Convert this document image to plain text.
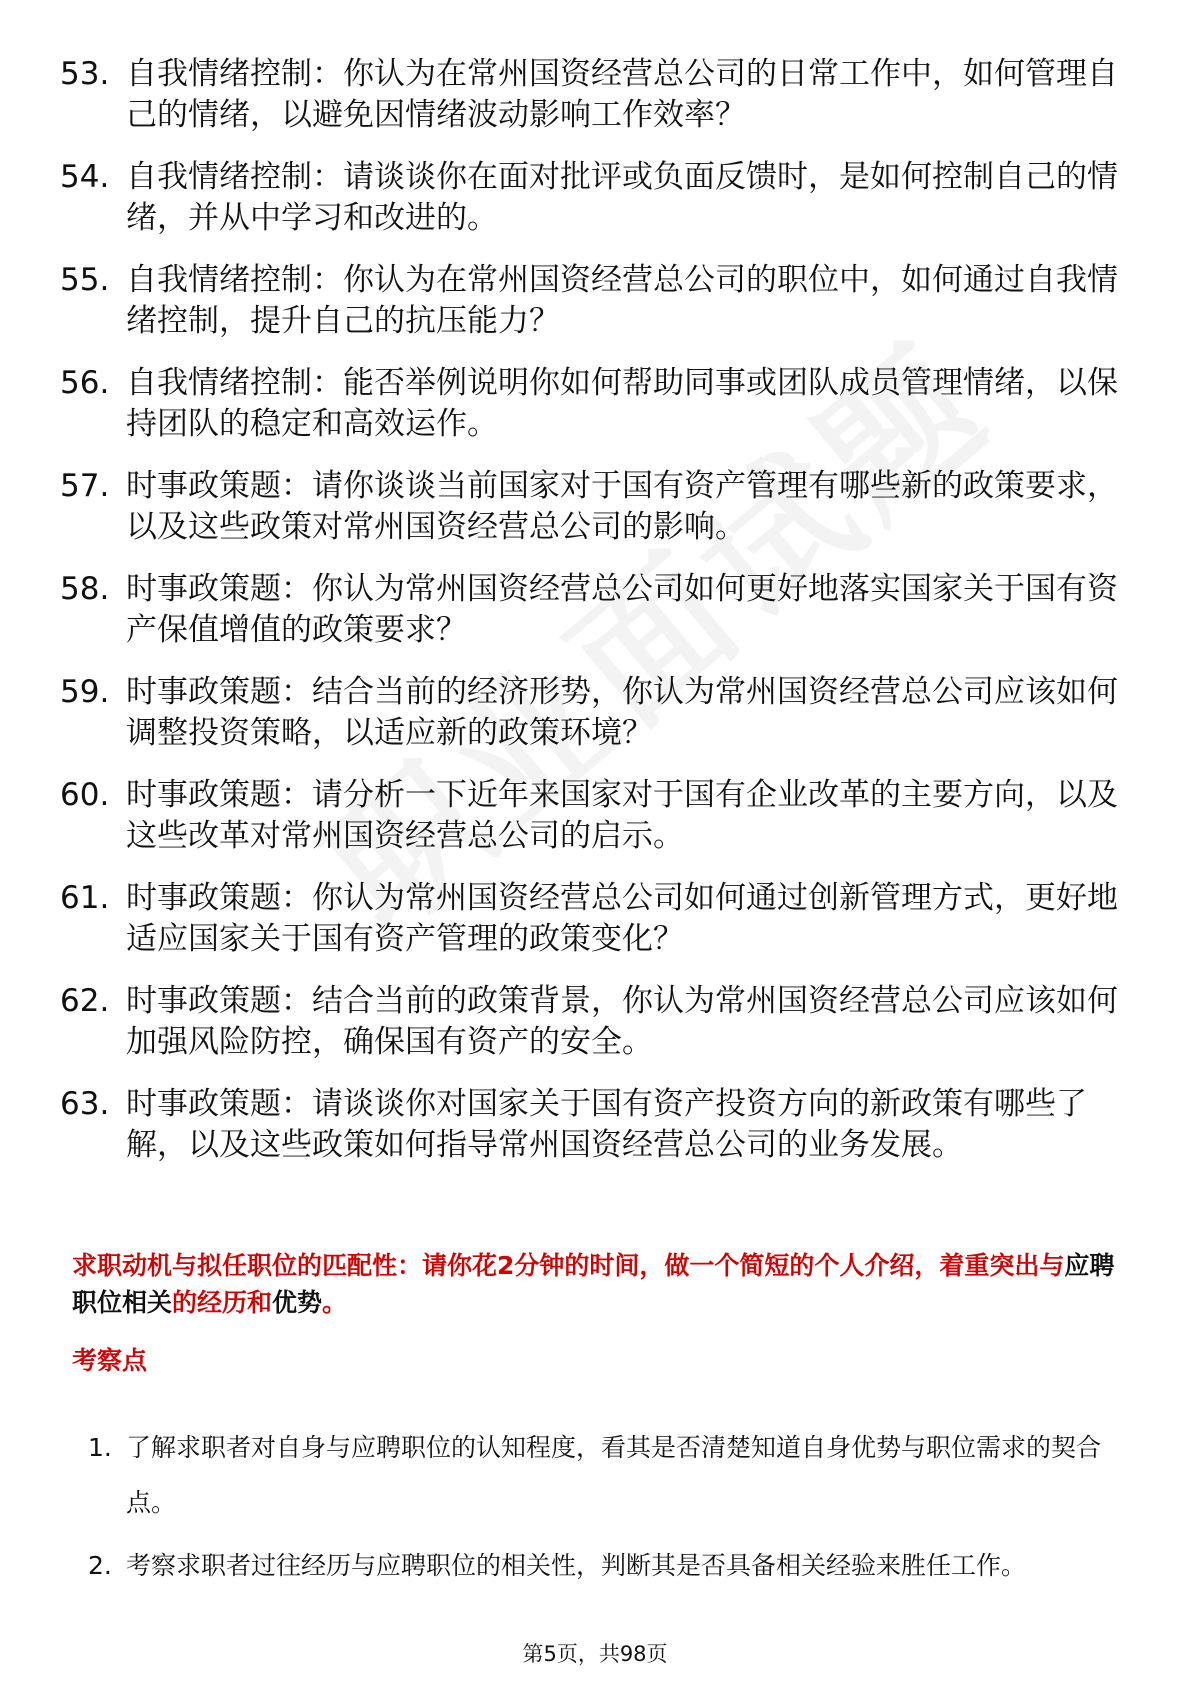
53. 自我情绪控制：你认为在常州国资经营总公司的日常工作中，如何管理自己的情绪，以避免因情绪波动影响工作效率？
54. 自我情绪控制：请谈谈你在面对批评或负面反馈时，是如何控制自己的情绪，并从中学习和改进的。
55. 自我情绪控制：你认为在常州国资经营总公司的职位中，如何通过自我情绪控制，提升自己的抗压能力？
56. 自我情绪控制：能否举例说明你如何帮助同事或团队成员管理情绪，以保持团队的稳定和高效运作。
57. 时事政策题：请你谈谈当前国家对于国有资产管理有哪些新的政策要求，以及这些政策对常州国资经营总公司的影响。
58. 时事政策题：你认为常州国资经营总公司如何更好地落实国家关于国有资产保值增值的政策要求？
59. 时事政策题：结合当前的经济形势，你认为常州国资经营总公司应该如何调整投资策略，以适应新的政策环境？
60. 时事政策题：请分析一下近年来国家对于国有企业改革的主要方向，以及这些改革对常州国资经营总公司的启示。
61. 时事政策题：你认为常州国资经营总公司如何通过创新管理方式，更好地适应国家关于国有资产管理的政策变化？
62. 时事政策题：结合当前的政策背景，你认为常州国资经营总公司应该如何加强风险防控，确保国有资产的安全。
63. 时事政策题：请谈谈你对国家关于国有资产投资方向的新政策有哪些了解，以及这些政策如何指导常州国资经营总公司的业务发展。
求职动机与拟任职位的匹配性：请你花2分钟的时间，做一个简短的个人介绍，着重突出与应聘职位相关的经历和优势。
考察点
1. 了解求职者对自身与应聘职位的认知程度，看其是否清楚知道自身优势与职位需求的契合点。
2. 考察求职者过往经历与应聘职位的相关性，判断其是否具备相关经验来胜任工作。
第5页，共98页
